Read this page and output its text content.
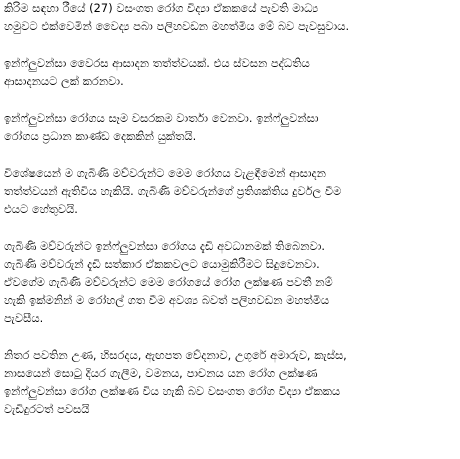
කිරිම සඳහා රීයේ (27) වසංගත රෝග විද්‍යා ඒකකයේ පැවති මාධ්‍ය
හමුවට එක්වෙමින් වෛද්‍ය පබා පලිහවඩන මහත්මිය මේ බව පැවසුවාය.
ඉන්ෆ්ලුවන්සා වෛරස ආසාදන තත්ත්වයක්. එය ස්වසන පද්ධතිය
ආසාදනයට ලක් කරනවා.
ඉන්ෆ්ලුවන්සා රෝගය සෑම වසරකම වාර්තා වෙනවා. ඉන්ෆ්ලුවන්සා
රෝගය ප්‍රධාන කාණ්ඩ දෙකකින් යුක්තයි.
විශේෂයෙන් ම ගැබිණි මව්වරුන්ට මෙම රෝගය වැළඳීමෙන් ආසාදන
තත්ත්වයන් ඇතිවිය හැකියි. ගැබිණි මව්වරුන්ගේ ප්‍රතිශක්තිය දුර්වල වීම
එයට හේතුවයි.
ගැබිණි මව්වරුන්ට ඉන්ෆ්ලුවන්සා රෝගය දැඩි අවධානමක් තිබෙනවා.
ගැබිණි මව්වරුන් දැඩි සත්කාර ඒකකවලට යොමුකිරීමට සිදුවෙනවා.
ඒවගේම ගැබිණි මව්වරුන්ට මෙම රෝගයේ රෝග ලක්ෂණ පවතී නම්
හැකි ඉක්මනින් ම රෝහල් ගත වීම අවශ්‍ය බවත් පලිහවඩන මහත්මිය
පැවසීය.
නිතර පවතින උණ, හිසරදය, ඇඟපත වේදනාව, උගුරේ අමාරුව, කැස්ස,
නාසයෙන් සොටු දියර ගැලීම, වමනය, පාචනය යන රෝග ලක්ෂණ
ඉන්ෆ්ලුවන්සා රෝග ලක්ෂණ විය හැකි බව වසංගත රෝග විද්‍යා ඒකකය
වැඩිදුරටත් පවසයි
